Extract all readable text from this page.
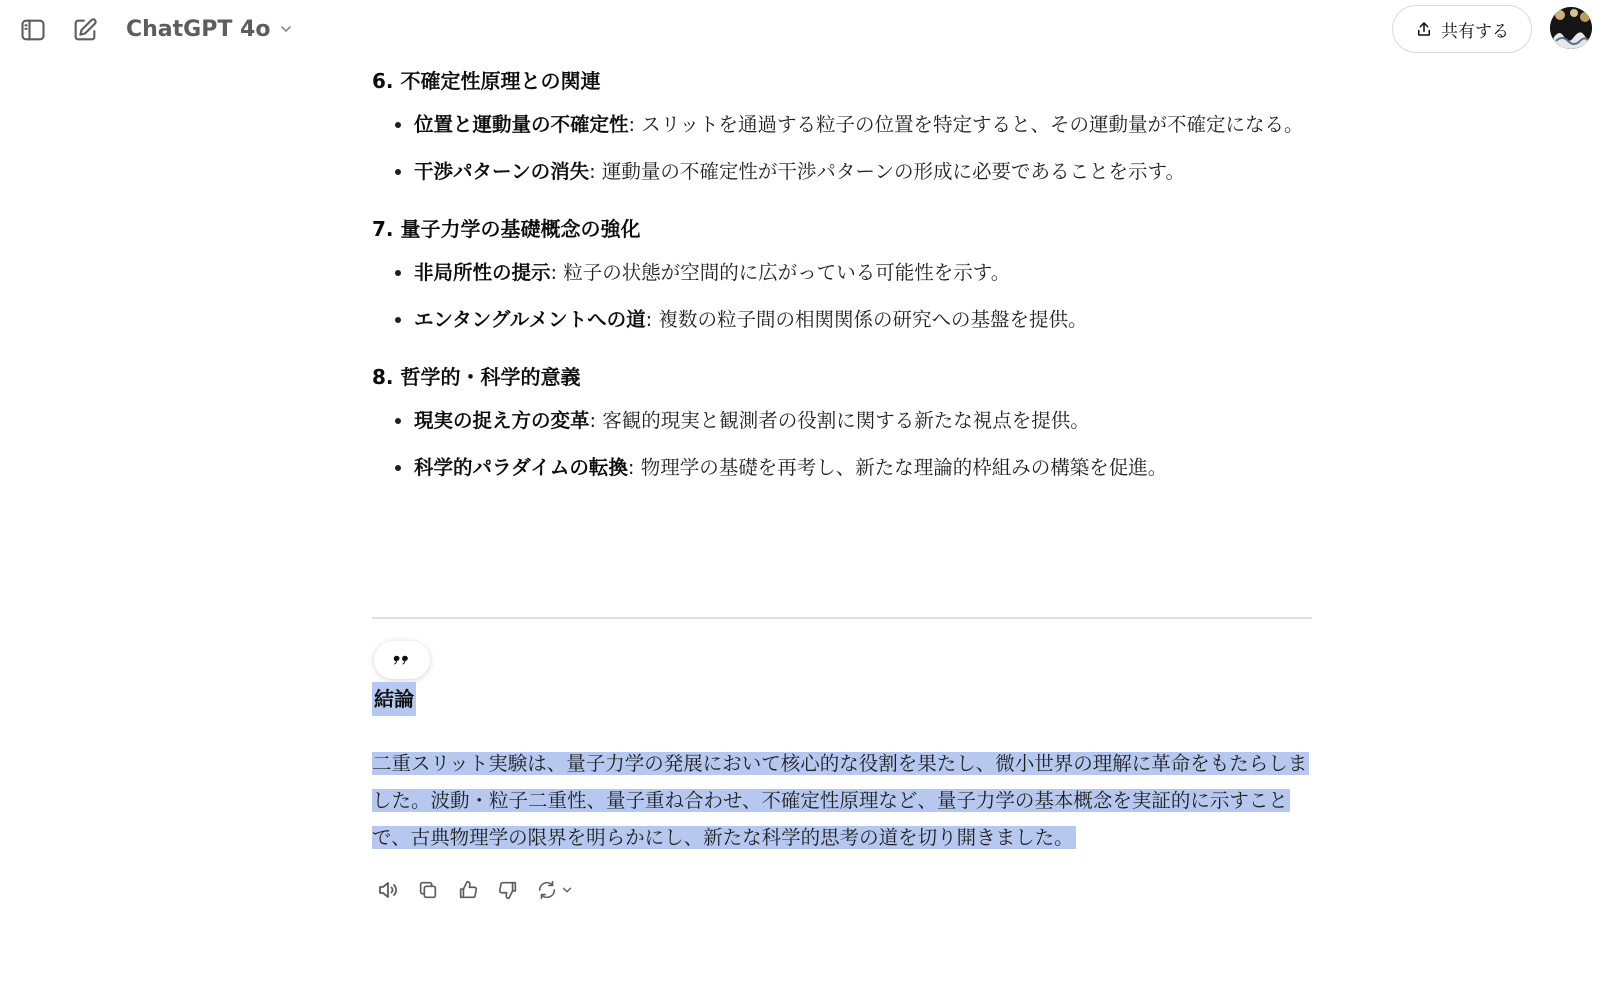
ChatGPT 4o	共有する
6. 不確定性原理との関連
• 位置と運動量の不確定性: スリットを通過する粒子の位置を特定すると、その運動量が不確定になる。
• 干渉パターンの消失: 運動量の不確定性が干渉パターンの形成に必要であることを示す。
7. 量子力学の基礎概念の強化
• 非局所性の提示: 粒子の状態が空間的に広がっている可能性を示す。
• エンタングルメントへの道: 複数の粒子間の相関関係の研究への基盤を提供。
8. 哲学的・科学的意義
• 現実の捉え方の変革: 客観的現実と観測者の役割に関する新たな視点を提供。
• 科学的パラダイムの転換: 物理学の基礎を再考し、新たな理論的枠組みの構築を促進。
結論
二重スリット実験は、量子力学の発展において核心的な役割を果たし、微小世界の理解に革命をもたらしました。波動・粒子二重性、量子重ね合わせ、不確定性原理など、量子力学の基本概念を実証的に示すことで、古典物理学の限界を明らかにし、新たな科学的思考の道を切り開きました。
